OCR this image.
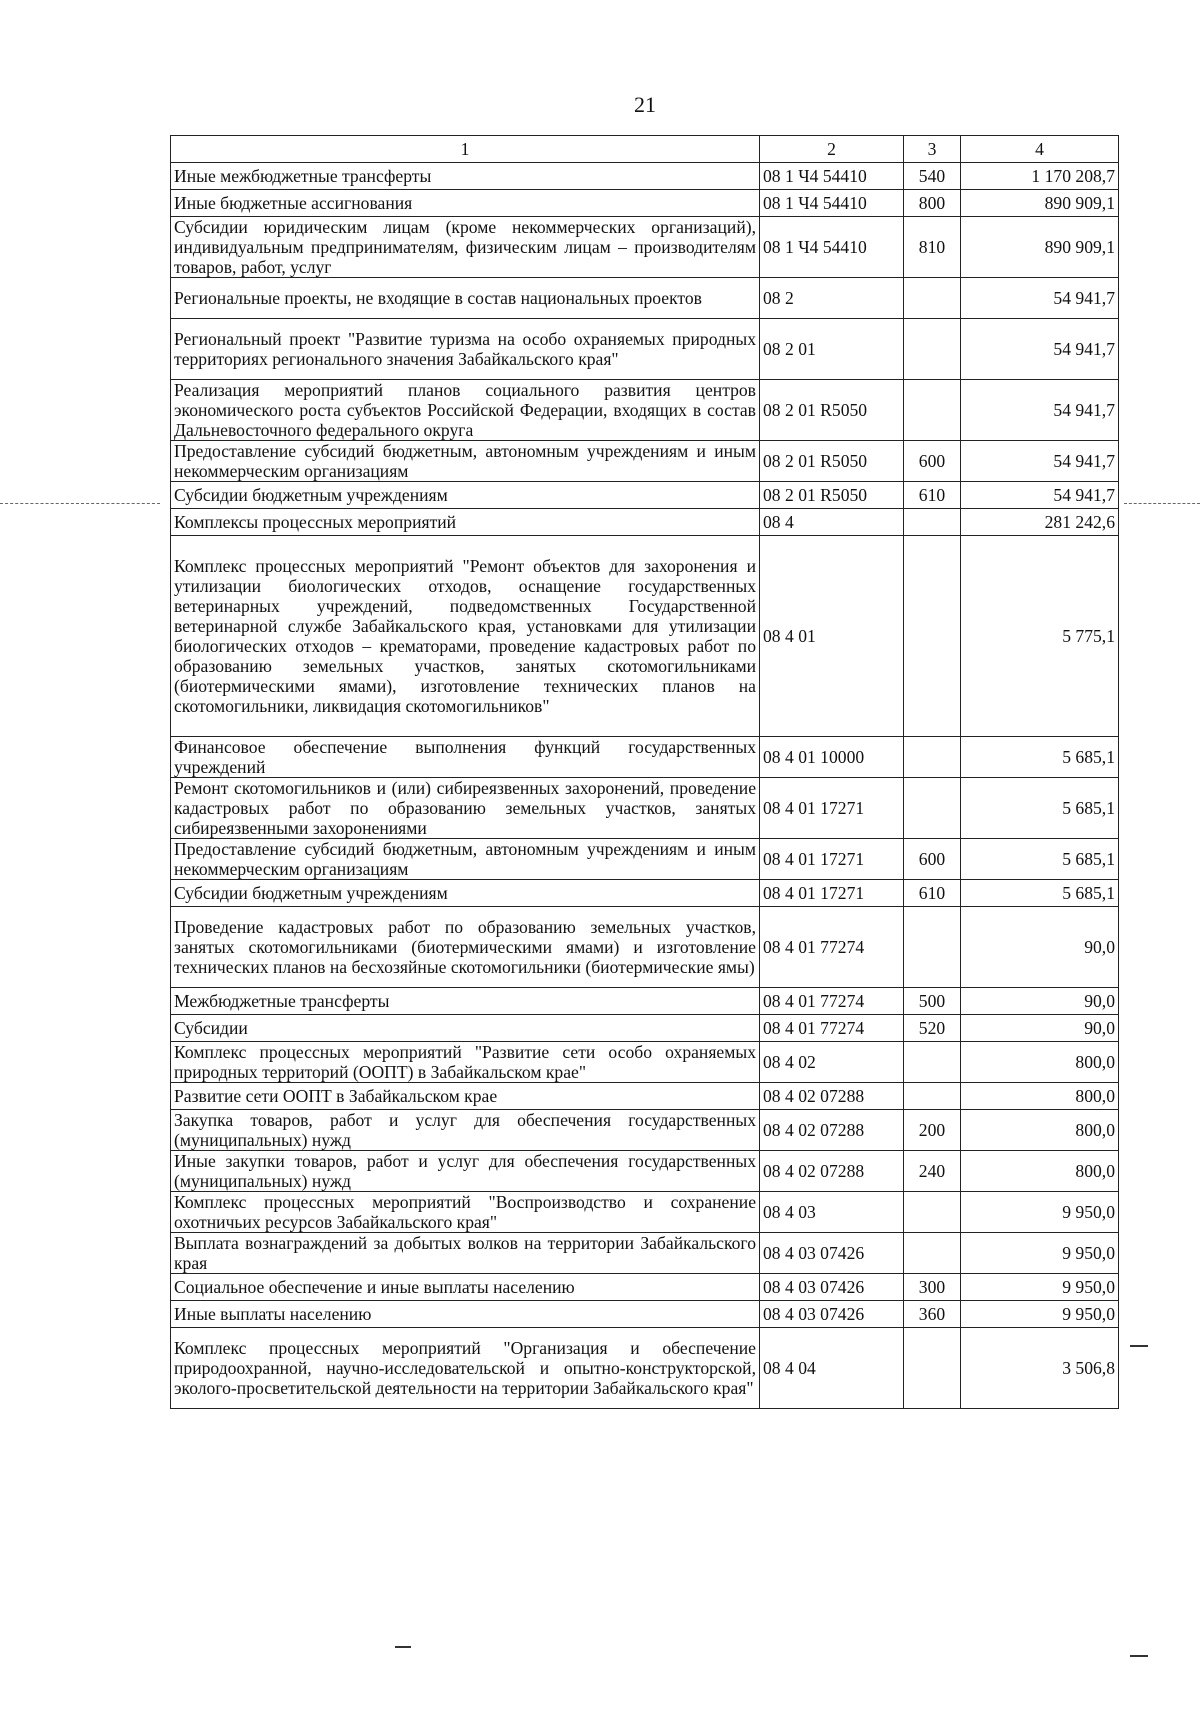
21
1	2	3	4
Иные межбюджетные трансферты	08 1 Ч4 54410	540	1 170 208,7
Иные бюджетные ассигнования	08 1 Ч4 54410	800	890 909,1
Субсидии юридическим лицам (кроме некоммерческих организаций), индивидуальным предпринимателям, физическим лицам – производителям товаров, работ, услуг	08 1 Ч4 54410	810	890 909,1
Региональные проекты, не входящие в состав национальных проектов	08 2		54 941,7
Региональный проект "Развитие туризма на особо охраняемых природных территориях регионального значения Забайкальского края"	08 2 01		54 941,7
Реализация мероприятий планов социального развития центров экономического роста субъектов Российской Федерации, входящих в состав Дальневосточного федерального округа	08 2 01 R5050		54 941,7
Предоставление субсидий бюджетным, автономным учреждениям и иным некоммерческим организациям	08 2 01 R5050	600	54 941,7
Субсидии бюджетным учреждениям	08 2 01 R5050	610	54 941,7
Комплексы процессных мероприятий	08 4		281 242,6
Комплекс процессных мероприятий "Ремонт объектов для захоронения и утилизации биологических отходов, оснащение государственных ветеринарных учреждений, подведомственных Государственной ветеринарной службе Забайкальского края, установками для утилизации биологических отходов – крематорами, проведение кадастровых работ по образованию земельных участков, занятых скотомогильниками (биотермическими ямами), изготовление технических планов на скотомогильники, ликвидация скотомогильников"	08 4 01		5 775,1
Финансовое обеспечение выполнения функций государственных учреждений	08 4 01 10000		5 685,1
Ремонт скотомогильников и (или) сибиреязвенных захоронений, проведение кадастровых работ по образованию земельных участков, занятых сибиреязвенными захоронениями	08 4 01 17271		5 685,1
Предоставление субсидий бюджетным, автономным учреждениям и иным некоммерческим организациям	08 4 01 17271	600	5 685,1
Субсидии бюджетным учреждениям	08 4 01 17271	610	5 685,1
Проведение кадастровых работ по образованию земельных участков, занятых скотомогильниками (биотермическими ямами) и изготовление технических планов на бесхозяйные скотомогильники (биотермические ямы)	08 4 01 77274		90,0
Межбюджетные трансферты	08 4 01 77274	500	90,0
Субсидии	08 4 01 77274	520	90,0
Комплекс процессных мероприятий "Развитие сети особо охраняемых природных территорий (ООПТ) в Забайкальском крае"	08 4 02		800,0
Развитие сети ООПТ в Забайкальском крае	08 4 02 07288		800,0
Закупка товаров, работ и услуг для обеспечения государственных (муниципальных) нужд	08 4 02 07288	200	800,0
Иные закупки товаров, работ и услуг для обеспечения государственных (муниципальных) нужд	08 4 02 07288	240	800,0
Комплекс процессных мероприятий "Воспроизводство и сохранение охотничьих ресурсов Забайкальского края"	08 4 03		9 950,0
Выплата вознаграждений за добытых волков на территории Забайкальского края	08 4 03 07426		9 950,0
Социальное обеспечение и иные выплаты населению	08 4 03 07426	300	9 950,0
Иные выплаты населению	08 4 03 07426	360	9 950,0
Комплекс процессных мероприятий "Организация и обеспечение природоохранной, научно-исследовательской и опытно-конструкторской, эколого-просветительской деятельности на территории Забайкальского края"	08 4 04		3 506,8
